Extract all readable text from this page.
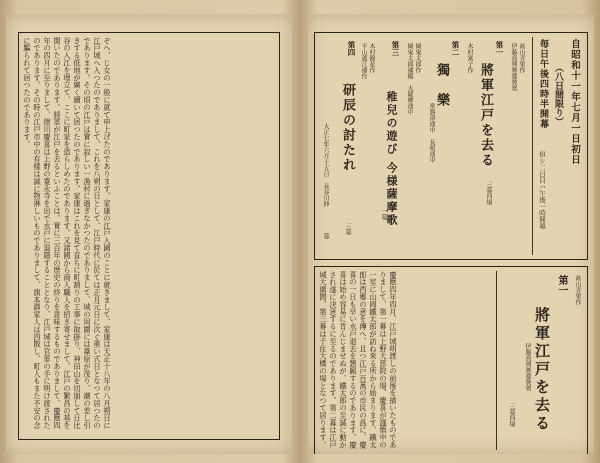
ぞへ、じ女の一般に就て申上げたのであります。家康の江戸入國のことに就きまして、家康は天正十八年の八月朔日に江戸城へ入つたのでありまして、これを八朔の日として、江戸時代に於ては正月元日に次ぐ重い式日となつて居つたのであります。その頃の江戸は實に寂しい一漁村に過ぎなかつたのでありまして、城の周圍には葦原が茂り、潮の差し引きする低地が廣く續いて居つたのであります。家康はこれを見て直ちに町割りの工事に取掛り、神田山を切崩して日比谷の入江を埋立て、ここに町家を造らしめたのであります。又諸國から商人職人を招き寄せまして、江戸の繁昌の基を開いたのであります。將軍が江戸を去るといふことは、實に三百年の歴史の終りを意味するものでありまして、慶應四年の四月に至りまして、徳川慶喜は上野の寛永寺を出で水戸に退隱することとなり、江戸城は官軍の手に明け渡されたのであります。その時の江戸市中の有樣は誠に物淋しいものでありまして、旗本御家人は四散し、町人もまた不安の念に驅られて居つたのであります。	自昭和十一年七月一日初日
（八日間限り）
毎日午後四時半開幕
但シ二日目ハ午後一時開幕
眞山青果作
伊藤熹朔舞臺裝置
第一
將軍江戸を去る
三幕四場
木村富子作
第二
獨　樂
常磐津連中　長唄連中
岡鬼太郎作
岡鬼太郎補綴　大薩摩連中
第三
稚兒の遊び 今様薩摩歌
一幕
木村錦花作
平山蘆江補作
第四
研辰の討たれ
三幕
大正七年六月十五日　長谷川伸
幕
眞山青果作
第一
將軍江戸を去る
伊藤熹朔舞臺裝置
三幕四場
慶應四年四月、江戸城明渡しの前後を描いたものでありまして、第一幕は上野大慈院の場、慶喜が謹慎中の一室に山岡鐵太郎が訪ね來る所から始まります。鐵太郎は西郷の意を傳へ、且つ江戸百萬の市民の爲に、慶喜の一日も早い水戸退去を懇願するのであります。慶喜は始め容易に肯んじませぬが、鐵太郎の至誠に動かされ遂に決意するに至るのであります。第二幕は江戸城大廣間、第三幕は千住大橋の場となつて居ります。
